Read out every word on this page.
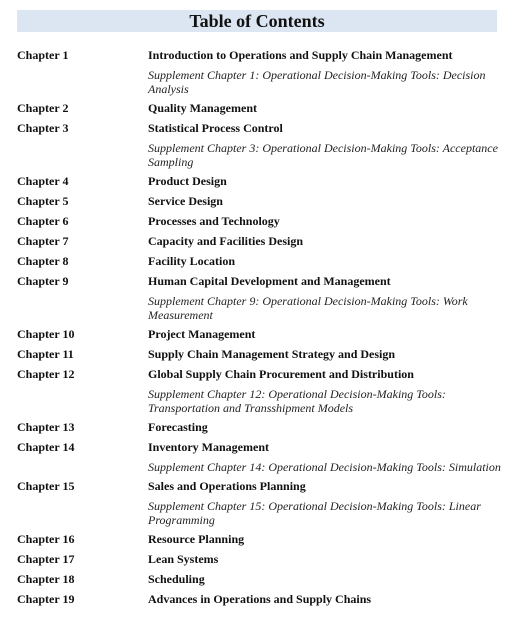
Table of Contents
Chapter 1	Introduction to Operations and Supply Chain Management
Supplement Chapter 1: Operational Decision-Making Tools: Decision Analysis
Chapter 2	Quality Management
Chapter 3	Statistical Process Control
Supplement Chapter 3: Operational Decision-Making Tools: Acceptance Sampling
Chapter 4	Product Design
Chapter 5	Service Design
Chapter 6	Processes and Technology
Chapter 7	Capacity and Facilities Design
Chapter 8	Facility Location
Chapter 9	Human Capital Development and Management
Supplement Chapter 9: Operational Decision-Making Tools: Work Measurement
Chapter 10	Project Management
Chapter 11	Supply Chain Management Strategy and Design
Chapter 12	Global Supply Chain Procurement and Distribution
Supplement Chapter 12: Operational Decision-Making Tools: Transportation and Transshipment Models
Chapter 13	Forecasting
Chapter 14	Inventory Management
Supplement Chapter 14: Operational Decision-Making Tools: Simulation
Chapter 15	Sales and Operations Planning
Supplement Chapter 15: Operational Decision-Making Tools: Linear Programming
Chapter 16	Resource Planning
Chapter 17	Lean Systems
Chapter 18	Scheduling
Chapter 19	Advances in Operations and Supply Chains
